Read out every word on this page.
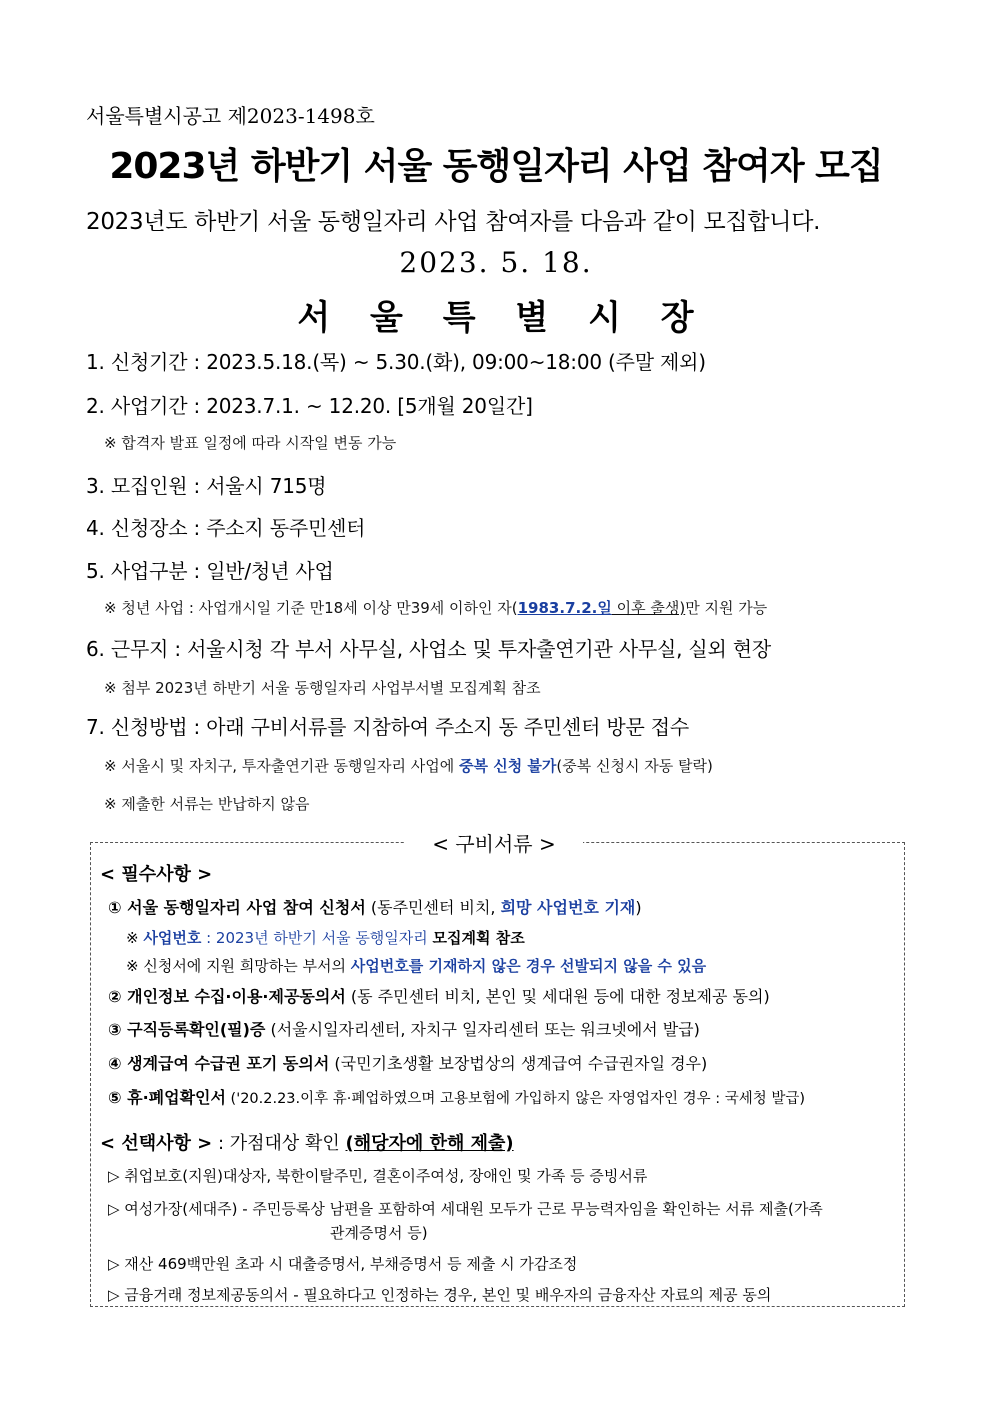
서울특별시공고 제2023-1498호
2023년 하반기 서울 동행일자리 사업 참여자 모집
2023년도 하반기 서울 동행일자리 사업 참여자를 다음과 같이 모집합니다.
2023. 5. 18.
서 울 특 별 시 장
1. 신청기간 : 2023.5.18.(목) ~ 5.30.(화), 09:00~18:00 (주말 제외)
2. 사업기간 : 2023.7.1. ~ 12.20. [5개월 20일간]
※ 합격자 발표 일정에 따라 시작일 변동 가능
3. 모집인원 : 서울시 715명
4. 신청장소 : 주소지 동주민센터
5. 사업구분 : 일반/청년 사업
※ 청년 사업 : 사업개시일 기준 만18세 이상 만39세 이하인 자(1983.7.2.일 이후 출생)만 지원 가능
6. 근무지 : 서울시청 각 부서 사무실, 사업소 및 투자출연기관 사무실, 실외 현장
※ 첨부 2023년 하반기 서울 동행일자리 사업부서별 모집계획 참조
7. 신청방법 : 아래 구비서류를 지참하여 주소지 동 주민센터 방문 접수
※ 서울시 및 자치구, 투자출연기관 동행일자리 사업에 중복 신청 불가(중복 신청시 자동 탈락)
※ 제출한 서류는 반납하지 않음
< 구비서류 >
< 필수사항 >
① 서울 동행일자리 사업 참여 신청서 (동주민센터 비치, 희망 사업번호 기재)
※ 사업번호 : 2023년 하반기 서울 동행일자리 모집계획 참조
※ 신청서에 지원 희망하는 부서의 사업번호를 기재하지 않은 경우 선발되지 않을 수 있음
② 개인정보 수집·이용·제공동의서 (동 주민센터 비치, 본인 및 세대원 등에 대한 정보제공 동의)
③ 구직등록확인(필)증 (서울시일자리센터, 자치구 일자리센터 또는 워크넷에서 발급)
④ 생계급여 수급권 포기 동의서 (국민기초생활 보장법상의 생계급여 수급권자일 경우)
⑤ 휴·폐업확인서 ('20.2.23.이후 휴·폐업하였으며 고용보험에 가입하지 않은 자영업자인 경우 : 국세청 발급)
< 선택사항 > : 가점대상 확인 (해당자에 한해 제출)
▷ 취업보호(지원)대상자, 북한이탈주민, 결혼이주여성, 장애인 및 가족 등 증빙서류
▷ 여성가장(세대주) - 주민등록상 남편을 포함하여 세대원 모두가 근로 무능력자임을 확인하는 서류 제출(가족
관계증명서 등)
▷ 재산 469백만원 초과 시 대출증명서, 부채증명서 등 제출 시 가감조정
▷ 금융거래 정보제공동의서 - 필요하다고 인정하는 경우, 본인 및 배우자의 금융자산 자료의 제공 동의
